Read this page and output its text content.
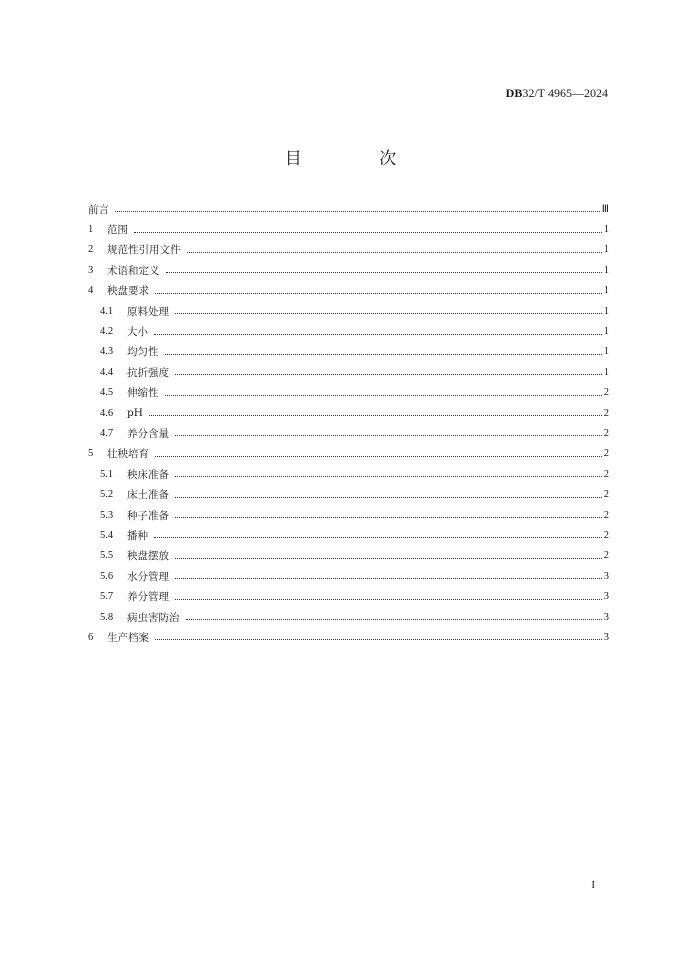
DB32/T 4965—2024
目 次
前言	Ⅲ
1	范围	1
2	规范性引用文件	1
3	术语和定义	1
4	秧盘要求	1
4.1	原料处理	1
4.2	大小	1
4.3	均匀性	1
4.4	抗折强度	1
4.5	伸缩性	2
4.6	pH	2
4.7	养分含量	2
5	壮秧培育	2
5.1	秧床准备	2
5.2	床土准备	2
5.3	种子准备	2
5.4	播种	2
5.5	秧盘摆放	2
5.6	水分管理	3
5.7	养分管理	3
5.8	病虫害防治	3
6	生产档案	3
I
